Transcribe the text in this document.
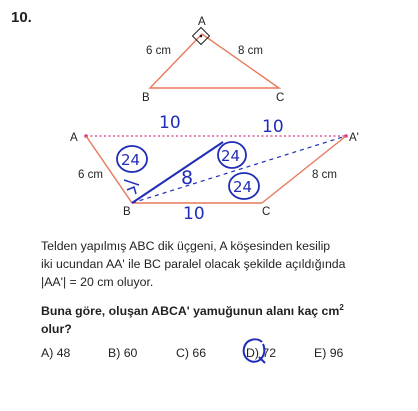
10.	A
B	C
6 cm	8 cm
A	A'
B	C
6 cm	8 cm
10	10
10
8
24	24
24
Telden yapılmış ABC dik üçgeni, A köşesinden kesilip
iki ucundan AA' ile BC paralel olacak şekilde açıldığında
|AA'| = 20 cm oluyor.
Buna göre, oluşan ABCA' yamuğunun alanı kaç $cm^2$
olur?
A) 48	B) 60	C) 66	D) 72	E) 96
